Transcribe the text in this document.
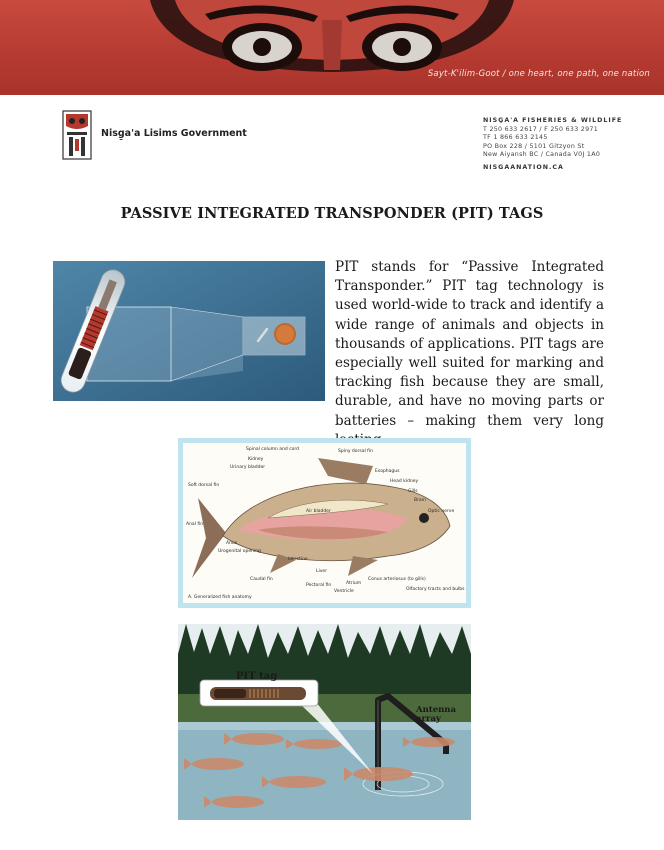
Sayt-K'ilim-Goot / one heart, one path, one nation
Nisg̱a'a Lisims Government
NISG̱A'A FISHERIES & WILDLIFE
T 250 633 2617 / F 250 633 2971
TF 1 866 633 2145
PO Box 228 / 5101 Gitzyon St
New Aiyansh BC / Canada V0J 1A0
NISGAANATION.CA
PASSIVE INTEGRATED TRANSPONDER (PIT) TAGS
PIT stands for “Passive Integrated Transponder.” PIT tag technology is used world-wide to track and identify a wide range of animals and objects in thousands of applications. PIT tags are especially well suited for marking and tracking fish because they are small, durable, and have no moving parts or batteries – making them very long
Spinal column and cord
Kidney
Spiny dorsal fin
Urinary bladder
Esophagus
Head kidney
Soft dorsal fin
Gills
Brain
Air bladder	Optic nerve
Anal fin
Anus
Urogenital opening
Intestine
Liver
Caudal fin
Pectoral fin	Atrium
Ventricle
Conus arteriosus (to gills)
Olfactory tracts and bulbs
A. Generalized fish anatomy
PIT tag
Antenna array
